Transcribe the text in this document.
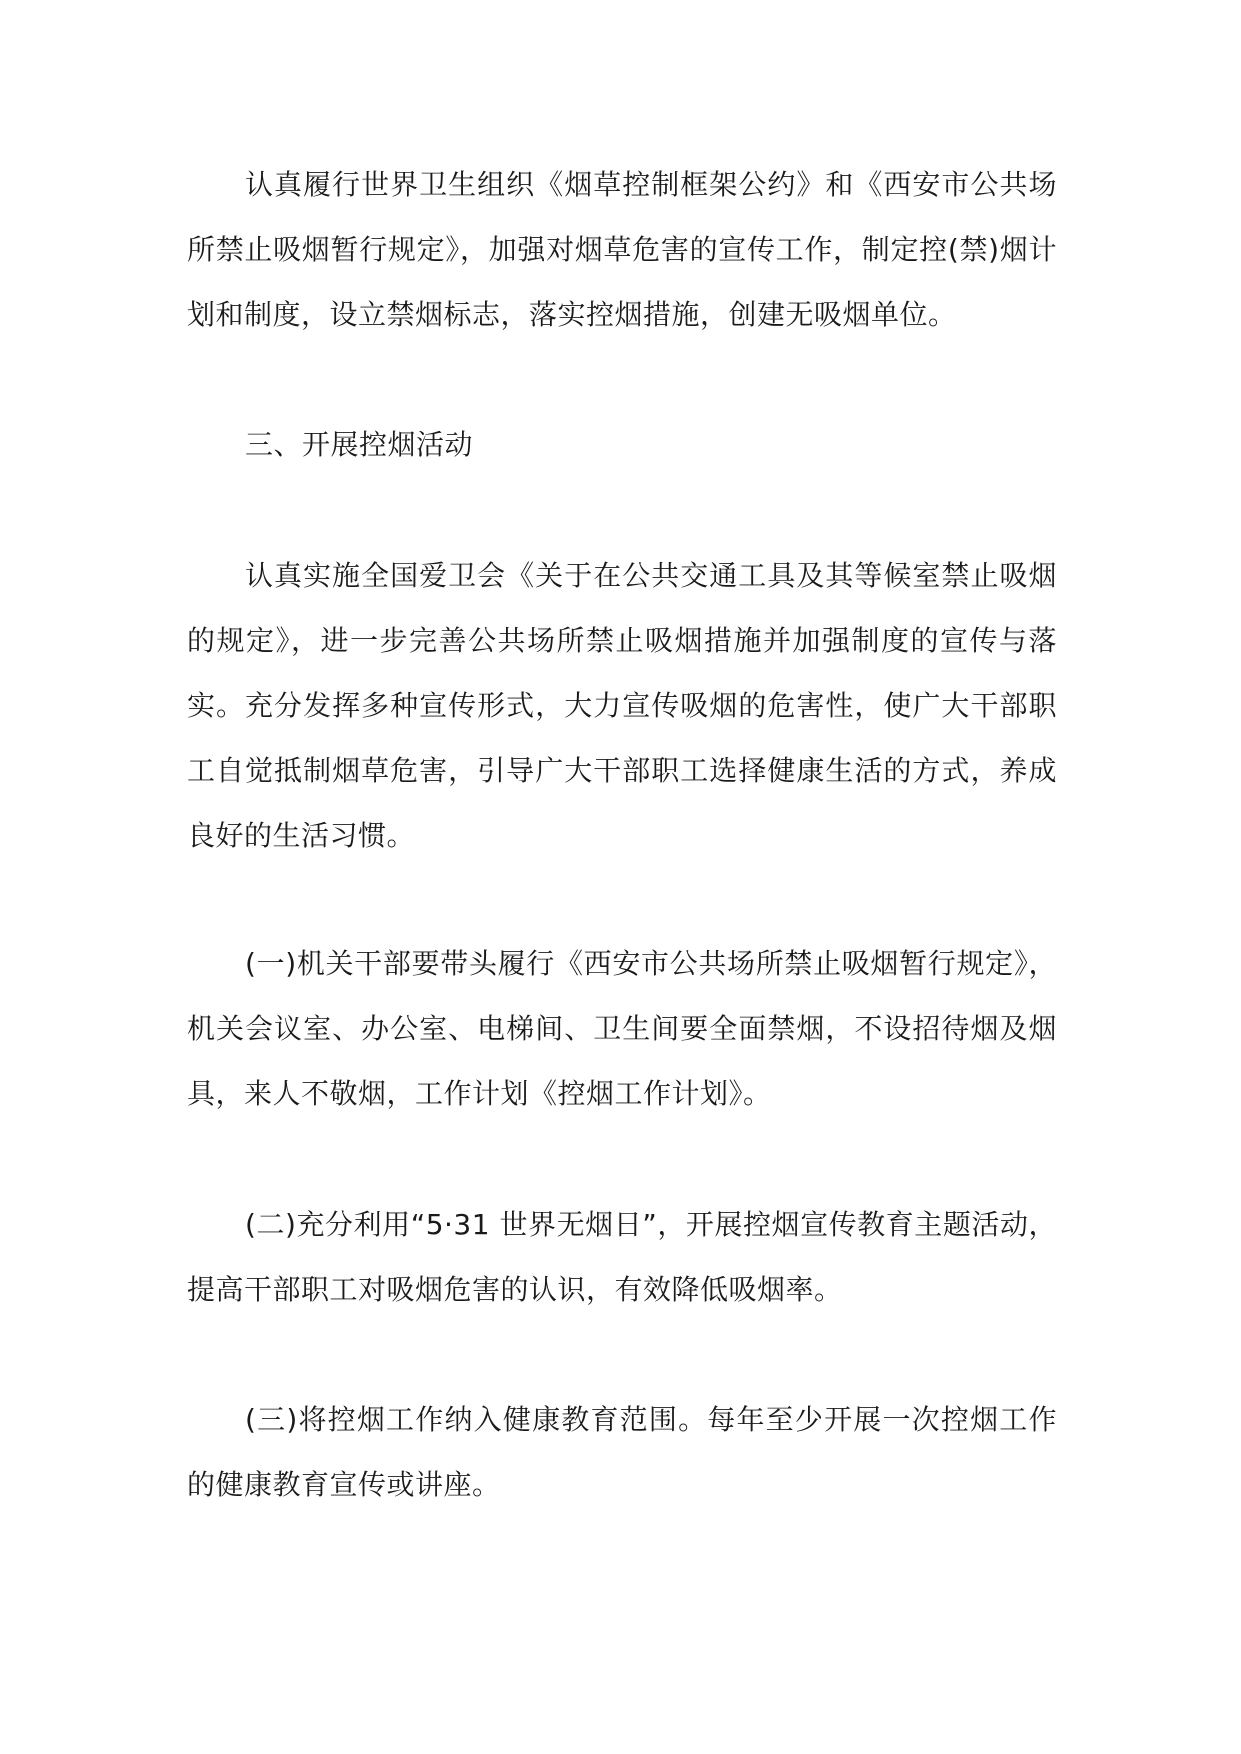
认真履行世界卫生组织《烟草控制框架公约》和《西安市公共场所禁止吸烟暂行规定》，加强对烟草危害的宣传工作，制定控(禁)烟计划和制度，设立禁烟标志，落实控烟措施，创建无吸烟单位。

三、开展控烟活动

认真实施全国爱卫会《关于在公共交通工具及其等候室禁止吸烟的规定》，进一步完善公共场所禁止吸烟措施并加强制度的宣传与落实。充分发挥多种宣传形式，大力宣传吸烟的危害性，使广大干部职工自觉抵制烟草危害，引导广大干部职工选择健康生活的方式，养成良好的生活习惯。

(一)机关干部要带头履行《西安市公共场所禁止吸烟暂行规定》，机关会议室、办公室、电梯间、卫生间要全面禁烟，不设招待烟及烟具，来人不敬烟，工作计划《控烟工作计划》。

(二)充分利用“5·31 世界无烟日”，开展控烟宣传教育主题活动，提高干部职工对吸烟危害的认识，有效降低吸烟率。

(三)将控烟工作纳入健康教育范围。每年至少开展一次控烟工作的健康教育宣传或讲座。
